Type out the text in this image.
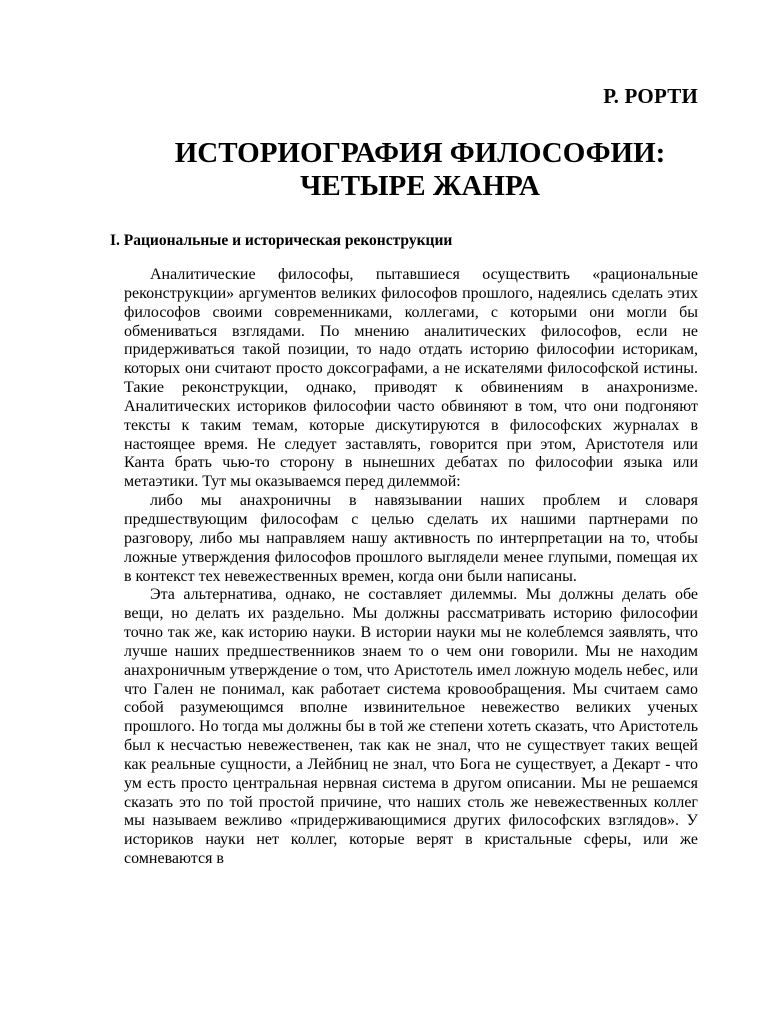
Р. РОРТИ
ИСТОРИОГРАФИЯ ФИЛОСОФИИ:
ЧЕТЫРЕ ЖАНРА
I. Рациональные и историческая реконструкции

Аналитические философы, пытавшиеся осуществить «рациональные реконструкции» аргументов великих философов прошлого, надеялись сделать этих философов своими современниками, коллегами, с которыми они могли бы обмениваться взглядами. По мнению аналитических философов, если не придерживаться такой позиции, то надо отдать историю философии историкам, которых они считают просто доксографами, а не искателями философской истины. Такие реконструкции, однако, приводят к обвинениям в анахронизме. Аналитических историков философии часто обвиняют в том, что они подгоняют тексты к таким темам, которые дискутируются в философских журналах в настоящее время. Не следует заставлять, говорится при этом, Аристотеля или Канта брать чью-то сторону в нынешних дебатах по философии языка или метаэтики. Тут мы оказываемся перед дилеммой:

либо мы анахроничны в навязывании наших проблем и словаря предшествующим философам с целью сделать их нашими партнерами по разговору, либо мы направляем нашу активность по интерпретации на то, чтобы ложные утверждения философов прошлого выглядели менее глупыми, помещая их в контекст тех невежественных времен, когда они были написаны.

Эта альтернатива, однако, не составляет дилеммы. Мы должны делать обе вещи, но делать их раздельно. Мы должны рассматривать историю философии точно так же, как историю науки. В истории науки мы не колеблемся заявлять, что лучше наших предшественников знаем то о чем они говорили. Мы не находим анахроничным утверждение о том, что Аристотель имел ложную модель небес, или что Гален не понимал, как работает система кровообращения. Мы считаем само собой разумеющимся вполне извинительное невежество великих ученых прошлого. Но тогда мы должны бы в той же степени хотеть сказать, что Аристотель был к несчастью невежественен, так как не знал, что не существует таких вещей как реальные сущности, а Лейбниц не знал, что Бога не существует, а Декарт - что ум есть просто центральная нервная система в другом описании. Мы не решаемся сказать это по той простой причине, что наших столь же невежественных коллег мы называем вежливо «придерживающимися других философских взглядов». У историков науки нет коллег, которые верят в кристальные сферы, или же сомневаются в
